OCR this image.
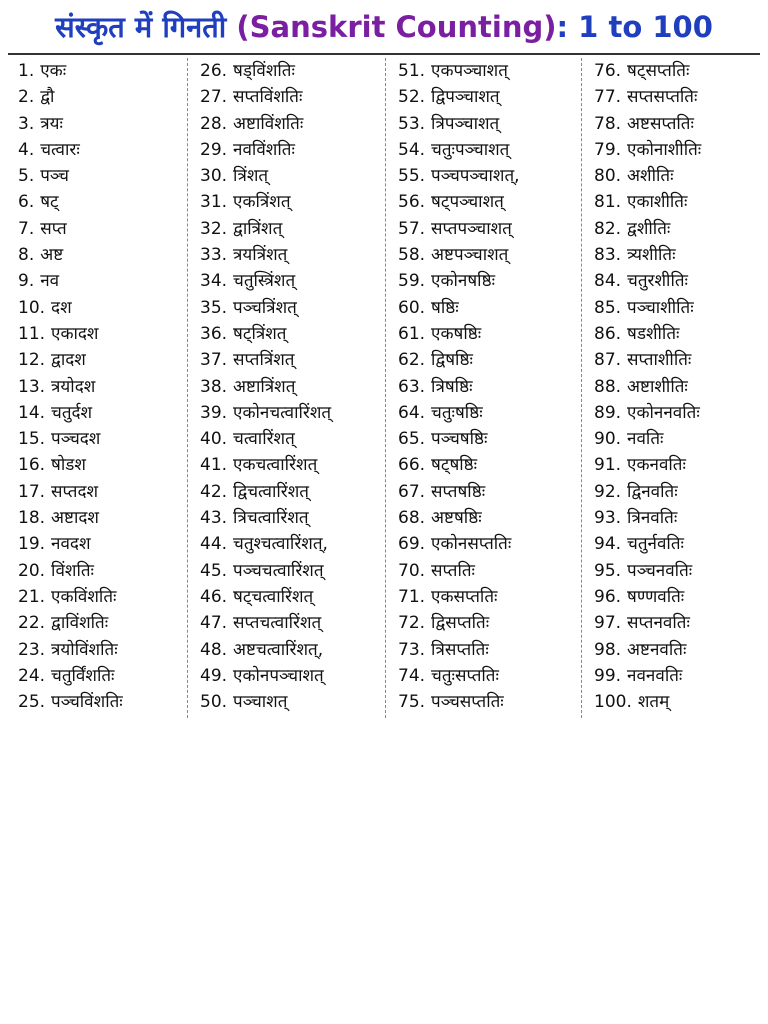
संस्कृत में गिनती (Sanskrit Counting): 1 to 100
1. एकः
2. द्वौ
3. त्रयः
4. चत्वारः
5. पञ्च
6. षट्
7. सप्त
8. अष्ट
9. नव
10. दश
11. एकादश
12. द्वादश
13. त्रयोदश
14. चतुर्दश
15. पञ्चदश
16. षोडश
17. सप्तदश
18. अष्टादश
19. नवदश
20. विंशतिः
21. एकविंशतिः
22. द्वाविंशतिः
23. त्रयोविंशतिः
24. चतुर्विंशतिः
25. पञ्चविंशतिः
26. षड्विंशतिः
27. सप्तविंशतिः
28. अष्टाविंशतिः
29. नवविंशतिः
30. त्रिंशत्
31. एकत्रिंशत्
32. द्वात्रिंशत्
33. त्रयत्रिंशत्
34. चतुस्त्रिंशत्
35. पञ्चत्रिंशत्
36. षट्त्रिंशत्
37. सप्तत्रिंशत्
38. अष्टात्रिंशत्
39. एकोनचत्वारिंशत्
40. चत्वारिंशत्
41. एकचत्वारिंशत्
42. द्विचत्वारिंशत्
43. त्रिचत्वारिंशत्
44. चतुश्चत्वारिंशत्,
45. पञ्चचत्वारिंशत्
46. षट्चत्वारिंशत्
47. सप्तचत्वारिंशत्
48. अष्टचत्वारिंशत्,
49. एकोनपञ्चाशत्
50. पञ्चाशत्
51. एकपञ्चाशत्
52. द्विपञ्चाशत्
53. त्रिपञ्चाशत्
54. चतुःपञ्चाशत्
55. पञ्चपञ्चाशत्,
56. षट्पञ्चाशत्
57. सप्तपञ्चाशत्
58. अष्टपञ्चाशत्
59. एकोनषष्ठिः
60. षष्ठिः
61. एकषष्ठिः
62. द्विषष्ठिः
63. त्रिषष्ठिः
64. चतुःषष्ठिः
65. पञ्चषष्ठिः
66. षट्षष्ठिः
67. सप्तषष्ठिः
68. अष्टषष्ठिः
69. एकोनसप्ततिः
70. सप्ततिः
71. एकसप्ततिः
72. द्विसप्ततिः
73. त्रिसप्ततिः
74. चतुःसप्ततिः
75. पञ्चसप्ततिः
76. षट्सप्ततिः
77. सप्तसप्ततिः
78. अष्टसप्ततिः
79. एकोनाशीतिः
80. अशीतिः
81. एकाशीतिः
82. द्वशीतिः
83. त्र्यशीतिः
84. चतुरशीतिः
85. पञ्चाशीतिः
86. षडशीतिः
87. सप्ताशीतिः
88. अष्टाशीतिः
89. एकोननवतिः
90. नवतिः
91. एकनवतिः
92. द्विनवतिः
93. त्रिनवतिः
94. चतुर्नवतिः
95. पञ्चनवतिः
96. षण्णवतिः
97. सप्तनवतिः
98. अष्टनवतिः
99. नवनवतिः
100. शतम्
